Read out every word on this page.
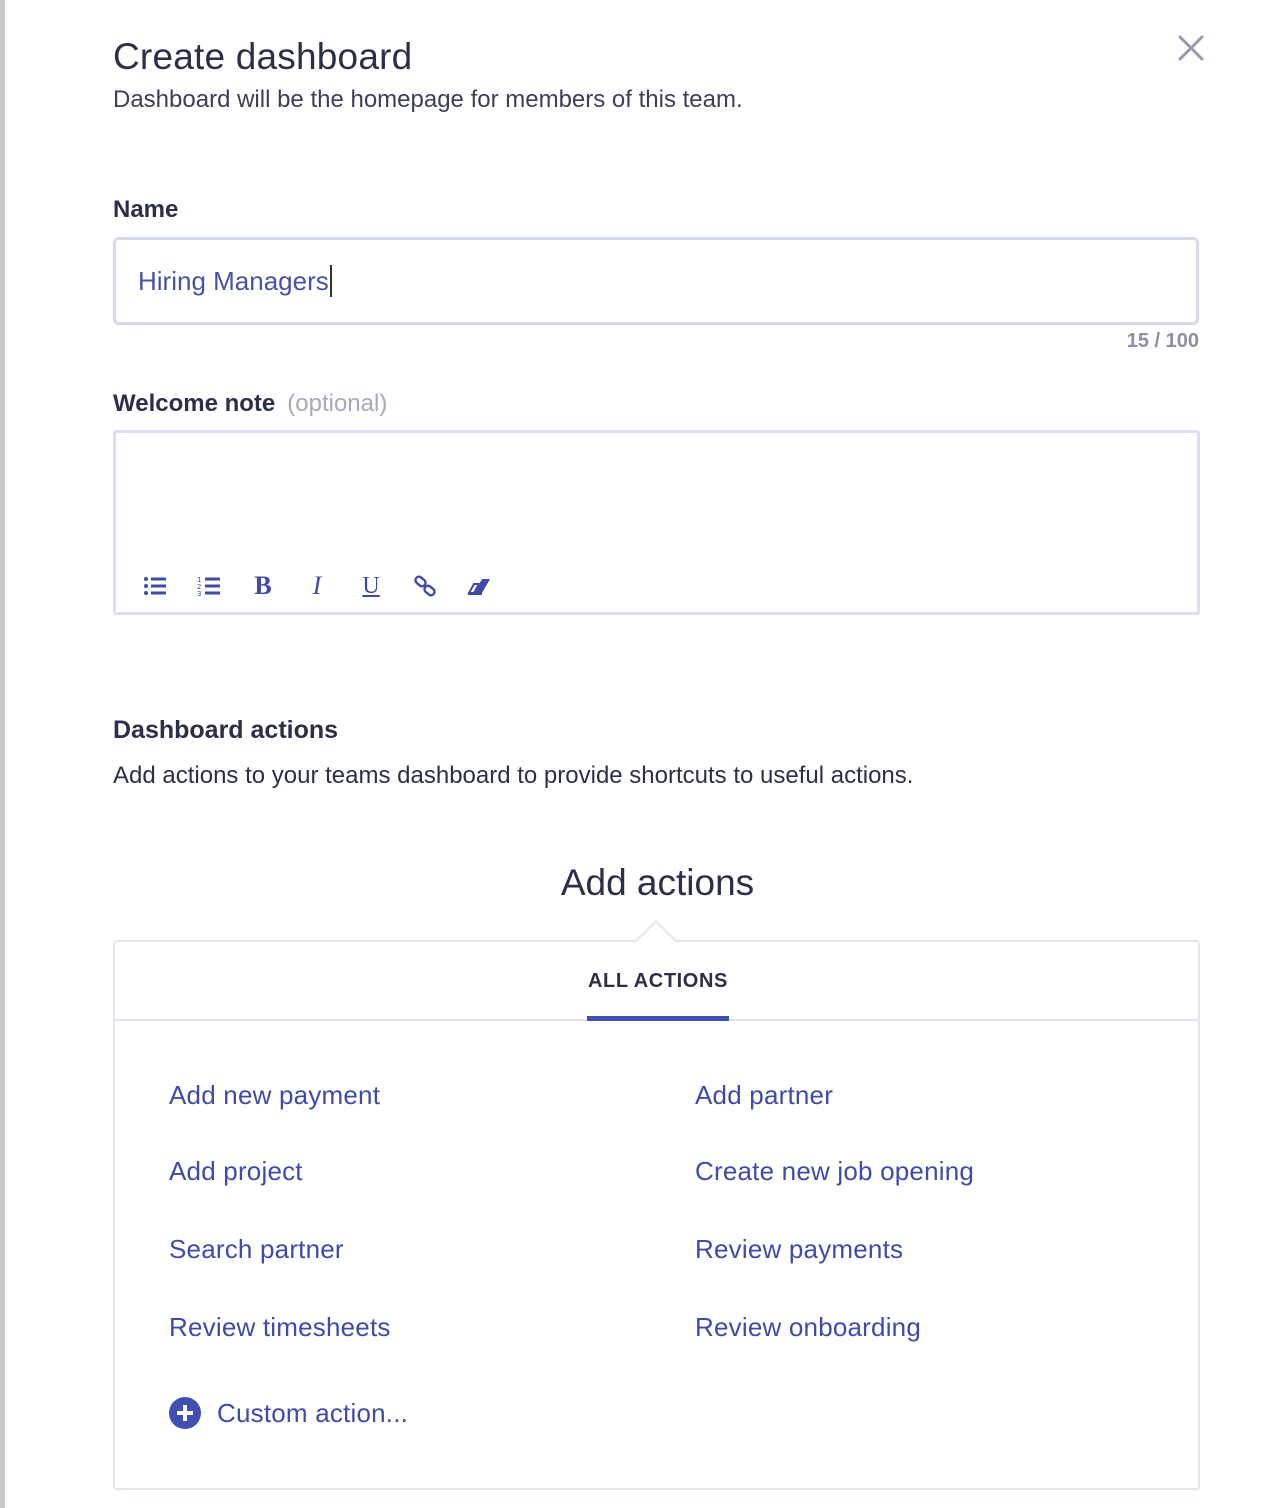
Create dashboard
Dashboard will be the homepage for members of this team.
Name
Hiring Managers
15 / 100
Welcome note (optional)
1
2
3 B I U
Dashboard actions
Add actions to your teams dashboard to provide shortcuts to useful actions.
Add actions
ALL ACTIONS
Add new payment	Add partner
Add project	Create new job opening
Search partner	Review payments
Review timesheets	Review onboarding
Custom action...
